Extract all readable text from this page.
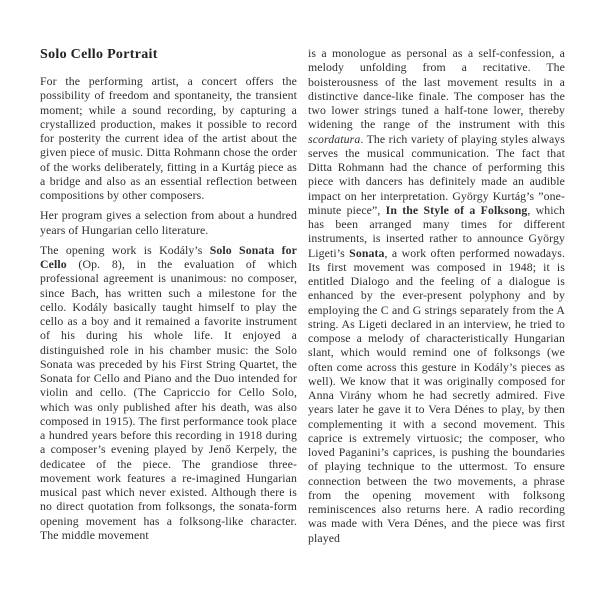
Solo Cello Portrait

For the performing artist, a concert offers the possibility of freedom and spontaneity, the transient moment; while a sound recording, by capturing a crystallized production, makes it possible to record for posterity the current idea of the artist about the given piece of music. Ditta Rohmann chose the order of the works deliberately, fitting in a Kurtág piece as a bridge and also as an essential reflection between compositions by other composers.

Her program gives a selection from about a hundred years of Hungarian cello literature.

The opening work is Kodály’s Solo Sonata for Cello (Op. 8), in the evaluation of which professional agreement is unanimous: no composer, since Bach, has written such a milestone for the cello. Kodály basically taught himself to play the cello as a boy and it remained a favorite instrument of his during his whole life. It enjoyed a distinguished role in his chamber music: the Solo Sonata was preceded by his First String Quartet, the Sonata for Cello and Piano and the Duo intended for violin and cello. (The Capriccio for Cello Solo, which was only published after his death, was also composed in 1915). The first performance took place a hundred years before this recording in 1918 during a composer’s evening played by Jenő Kerpely, the dedicatee of the piece. The grandiose three-movement work features a re-imagined Hungarian musical past which never existed. Although there is no direct quotation from folksongs, the sonata-form opening movement has a folksong-like character. The middle movement

is a monologue as personal as a self-confession, a melody unfolding from a recitative. The boisterousness of the last movement results in a distinctive dance-like finale. The composer has the two lower strings tuned a half-tone lower, thereby widening the range of the instrument with this scordatura. The rich variety of playing styles always serves the musical communication. The fact that Ditta Rohmann had the chance of performing this piece with dancers has definitely made an audible impact on her interpretation. György Kurtág’s ”one-minute piece”, In the Style of a Folksong, which has been arranged many times for different instruments, is inserted rather to announce György Ligeti’s Sonata, a work often performed nowadays. Its first movement was composed in 1948; it is entitled Dialogo and the feeling of a dialogue is enhanced by the ever-present polyphony and by employing the C and G strings separately from the A string. As Ligeti declared in an interview, he tried to compose a melody of characteristically Hungarian slant, which would remind one of folksongs (we often come across this gesture in Kodály’s pieces as well). We know that it was originally composed for Anna Virány whom he had secretly admired. Five years later he gave it to Vera Dénes to play, by then complementing it with a second movement. This caprice is extremely virtuosic; the composer, who loved Paganini’s caprices, is pushing the boundaries of playing technique to the uttermost. To ensure connection between the two movements, a phrase from the opening movement with folksong reminiscences also returns here. A radio recording was made with Vera Dénes, and the piece was first played
